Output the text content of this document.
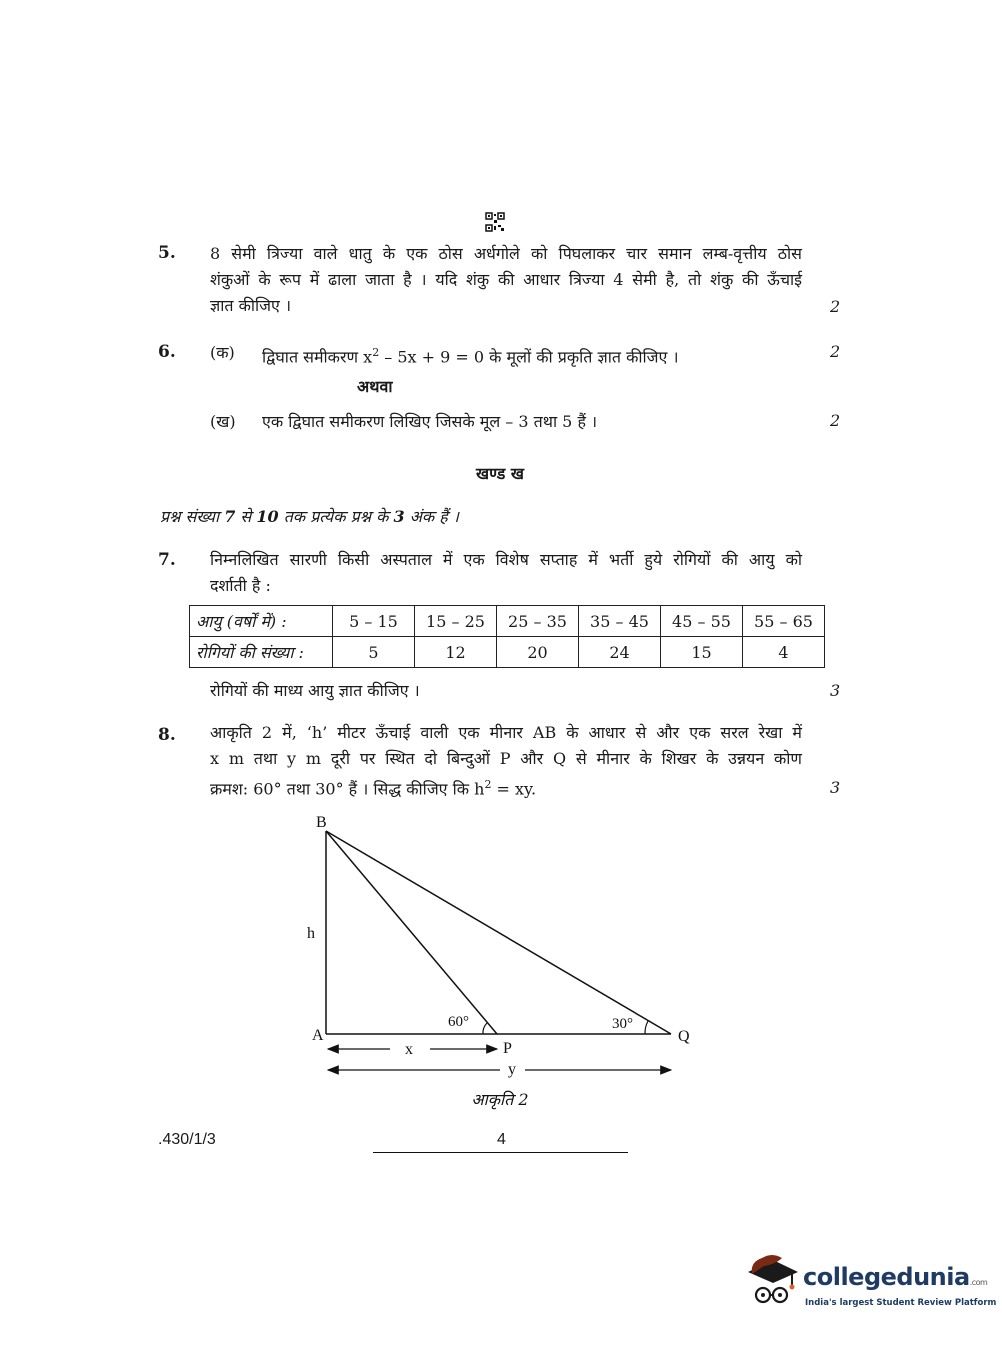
5. 8 सेमी त्रिज्या वाले धातु के एक ठोस अर्धगोले को पिघलाकर चार समान लम्ब-वृत्तीय ठोस
शंकुओं के रूप में ढाला जाता है । यदि शंकु की आधार त्रिज्या 4 सेमी है, तो शंकु की ऊँचाई
ज्ञात कीजिए ।	2
6. (क) द्विघात समीकरण $x^2 - 5x + 9 = 0$ के मूलों की प्रकृति ज्ञात कीजिए ।	2
अथवा
(ख) एक द्विघात समीकरण लिखिए जिसके मूल – 3 तथा 5 हैं ।	2
खण्ड ख
प्रश्न संख्या 7 से 10 तक प्रत्येक प्रश्न के 3 अंक हैं ।
7. निम्नलिखित सारणी किसी अस्पताल में एक विशेष सप्ताह में भर्ती हुये रोगियों की आयु को
दर्शाती है :
आयु (वर्षों में) :	5 – 15	15 – 25	25 – 35	35 – 45	45 – 55	55 – 65
रोगियों की संख्या :	5	12	20	24	15	4
रोगियों की माध्य आयु ज्ञात कीजिए ।	3
8. आकृति 2 में, ‘h’ मीटर ऊँचाई वाली एक मीनार AB के आधार से और एक सरल रेखा में
x m तथा y m दूरी पर स्थित दो बिन्दुओं P और Q से मीनार के शिखर के उन्नयन कोण
क्रमश: 60° तथा 30° हैं । सिद्ध कीजिए कि $h^2$ = xy.	3
B
A
P
Q
h
x
y
60°	30°
आकृति 2
.430/1/3	4
collegedunia.com
India's largest Student Review Platform
